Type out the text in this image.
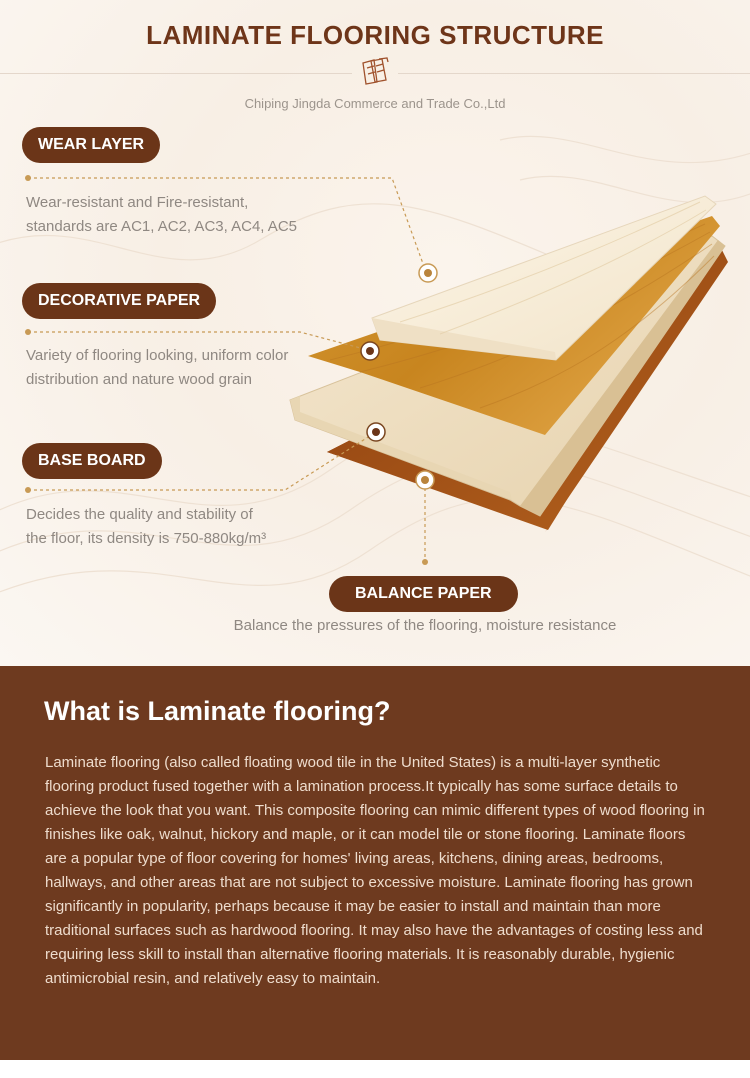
LAMINATE FLOORING STRUCTURE
Chiping Jingda Commerce and Trade Co.,Ltd
WEAR LAYER

Wear-resistant and Fire-resistant,

standards are AC1, AC2, AC3, AC4, AC5

DECORATIVE PAPER

Variety of flooring looking, uniform color

distribution and nature wood grain

BASE BOARD

Decides the quality and stability of

the floor, its density is 750-880kg/m³

BALANCE PAPER
Balance the pressures of the flooring, moisture resistance
What is Laminate flooring?
Laminate flooring (also called floating wood tile in the United States) is a multi-layer synthetic flooring product fused together with a lamination process.It typically has some surface details to achieve the look that you want. This composite flooring can mimic different types of wood flooring in finishes like oak, walnut, hickory and maple, or it can model tile or stone flooring. Laminate floors are a popular type of floor covering for homes' living areas, kitchens, dining areas, bedrooms, hallways, and other areas that are not subject to excessive moisture. Laminate flooring has grown significantly in popularity, perhaps because it may be easier to install and maintain than more traditional surfaces such as hardwood flooring. It may also have the advantages of costing less and requiring less skill to install than alternative flooring materials. It is reasonably durable, hygienic antimicrobial resin, and relatively easy to maintain.
